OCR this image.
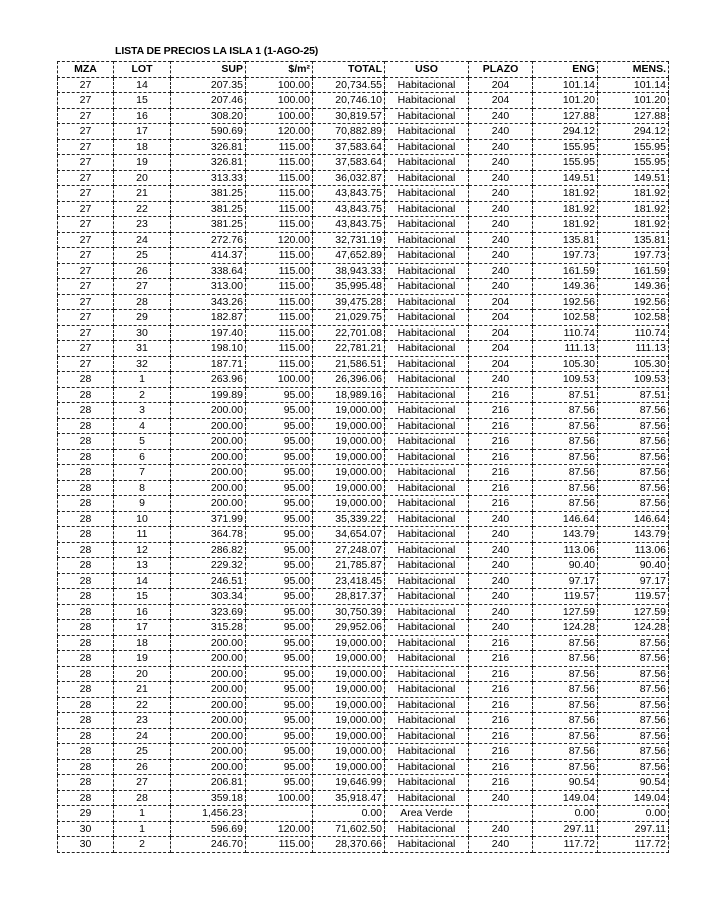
LISTA DE PRECIOS LA ISLA 1 (1-AGO-25)
MZA	LOT	SUP	$/m²	TOTAL	USO	PLAZO	ENG	MENS.
27	14	207.35	100.00	20,734.55	Habitacional	204	101.14	101.14
27	15	207.46	100.00	20,746.10	Habitacional	204	101.20	101.20
27	16	308.20	100.00	30,819.57	Habitacional	240	127.88	127.88
27	17	590.69	120.00	70,882.89	Habitacional	240	294.12	294.12
27	18	326.81	115.00	37,583.64	Habitacional	240	155.95	155.95
27	19	326.81	115.00	37,583.64	Habitacional	240	155.95	155.95
27	20	313.33	115.00	36,032.87	Habitacional	240	149.51	149.51
27	21	381.25	115.00	43,843.75	Habitacional	240	181.92	181.92
27	22	381.25	115.00	43,843.75	Habitacional	240	181.92	181.92
27	23	381.25	115.00	43,843.75	Habitacional	240	181.92	181.92
27	24	272.76	120.00	32,731.19	Habitacional	240	135.81	135.81
27	25	414.37	115.00	47,652.89	Habitacional	240	197.73	197.73
27	26	338.64	115.00	38,943.33	Habitacional	240	161.59	161.59
27	27	313.00	115.00	35,995.48	Habitacional	240	149.36	149.36
27	28	343.26	115.00	39,475.28	Habitacional	204	192.56	192.56
27	29	182.87	115.00	21,029.75	Habitacional	204	102.58	102.58
27	30	197.40	115.00	22,701.08	Habitacional	204	110.74	110.74
27	31	198.10	115.00	22,781.21	Habitacional	204	111.13	111.13
27	32	187.71	115.00	21,586.51	Habitacional	204	105.30	105.30
28	1	263.96	100.00	26,396.06	Habitacional	240	109.53	109.53
28	2	199.89	95.00	18,989.16	Habitacional	216	87.51	87.51
28	3	200.00	95.00	19,000.00	Habitacional	216	87.56	87.56
28	4	200.00	95.00	19,000.00	Habitacional	216	87.56	87.56
28	5	200.00	95.00	19,000.00	Habitacional	216	87.56	87.56
28	6	200.00	95.00	19,000.00	Habitacional	216	87.56	87.56
28	7	200.00	95.00	19,000.00	Habitacional	216	87.56	87.56
28	8	200.00	95.00	19,000.00	Habitacional	216	87.56	87.56
28	9	200.00	95.00	19,000.00	Habitacional	216	87.56	87.56
28	10	371.99	95.00	35,339.22	Habitacional	240	146.64	146.64
28	11	364.78	95.00	34,654.07	Habitacional	240	143.79	143.79
28	12	286.82	95.00	27,248.07	Habitacional	240	113.06	113.06
28	13	229.32	95.00	21,785.87	Habitacional	240	90.40	90.40
28	14	246.51	95.00	23,418.45	Habitacional	240	97.17	97.17
28	15	303.34	95.00	28,817.37	Habitacional	240	119.57	119.57
28	16	323.69	95.00	30,750.39	Habitacional	240	127.59	127.59
28	17	315.28	95.00	29,952.06	Habitacional	240	124.28	124.28
28	18	200.00	95.00	19,000.00	Habitacional	216	87.56	87.56
28	19	200.00	95.00	19,000.00	Habitacional	216	87.56	87.56
28	20	200.00	95.00	19,000.00	Habitacional	216	87.56	87.56
28	21	200.00	95.00	19,000.00	Habitacional	216	87.56	87.56
28	22	200.00	95.00	19,000.00	Habitacional	216	87.56	87.56
28	23	200.00	95.00	19,000.00	Habitacional	216	87.56	87.56
28	24	200.00	95.00	19,000.00	Habitacional	216	87.56	87.56
28	25	200.00	95.00	19,000.00	Habitacional	216	87.56	87.56
28	26	200.00	95.00	19,000.00	Habitacional	216	87.56	87.56
28	27	206.81	95.00	19,646.99	Habitacional	216	90.54	90.54
28	28	359.18	100.00	35,918.47	Habitacional	240	149.04	149.04
29	1	1,456.23		0.00	Area Verde		0.00	0.00
30	1	596.69	120.00	71,602.50	Habitacional	240	297.11	297.11
30	2	246.70	115.00	28,370.66	Habitacional	240	117.72	117.72
